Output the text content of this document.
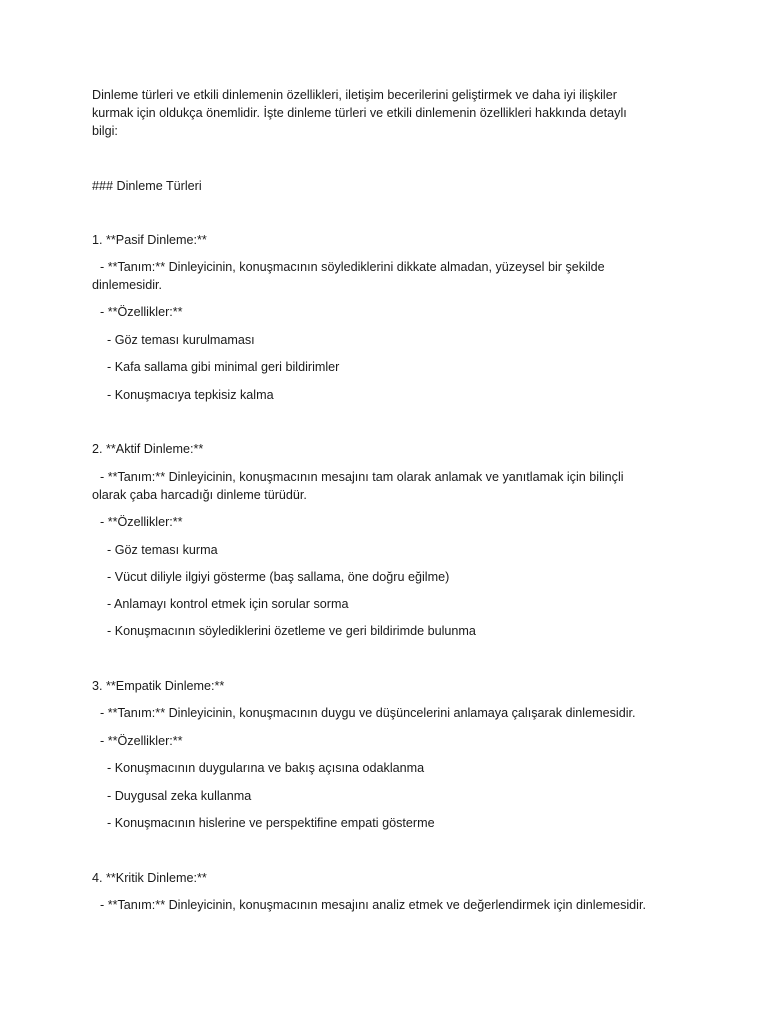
Dinleme türleri ve etkili dinlemenin özellikleri, iletişim becerilerini geliştirmek ve daha iyi ilişkiler
kurmak için oldukça önemlidir. İşte dinleme türleri ve etkili dinlemenin özellikleri hakkında detaylı
bilgi:
### Dinleme Türleri
1. **Pasif Dinleme:**
- **Tanım:** Dinleyicinin, konuşmacının söylediklerini dikkate almadan, yüzeysel bir şekilde
dinlemesidir.
- **Özellikler:**
- Göz teması kurulmaması
- Kafa sallama gibi minimal geri bildirimler
- Konuşmacıya tepkisiz kalma
2. **Aktif Dinleme:**
- **Tanım:** Dinleyicinin, konuşmacının mesajını tam olarak anlamak ve yanıtlamak için bilinçli
olarak çaba harcadığı dinleme türüdür.
- **Özellikler:**
- Göz teması kurma
- Vücut diliyle ilgiyi gösterme (baş sallama, öne doğru eğilme)
- Anlamayı kontrol etmek için sorular sorma
- Konuşmacının söylediklerini özetleme ve geri bildirimde bulunma
3. **Empatik Dinleme:**
- **Tanım:** Dinleyicinin, konuşmacının duygu ve düşüncelerini anlamaya çalışarak dinlemesidir.
- **Özellikler:**
- Konuşmacının duygularına ve bakış açısına odaklanma
- Duygusal zeka kullanma
- Konuşmacının hislerine ve perspektifine empati gösterme
4. **Kritik Dinleme:**
- **Tanım:** Dinleyicinin, konuşmacının mesajını analiz etmek ve değerlendirmek için dinlemesidir.
